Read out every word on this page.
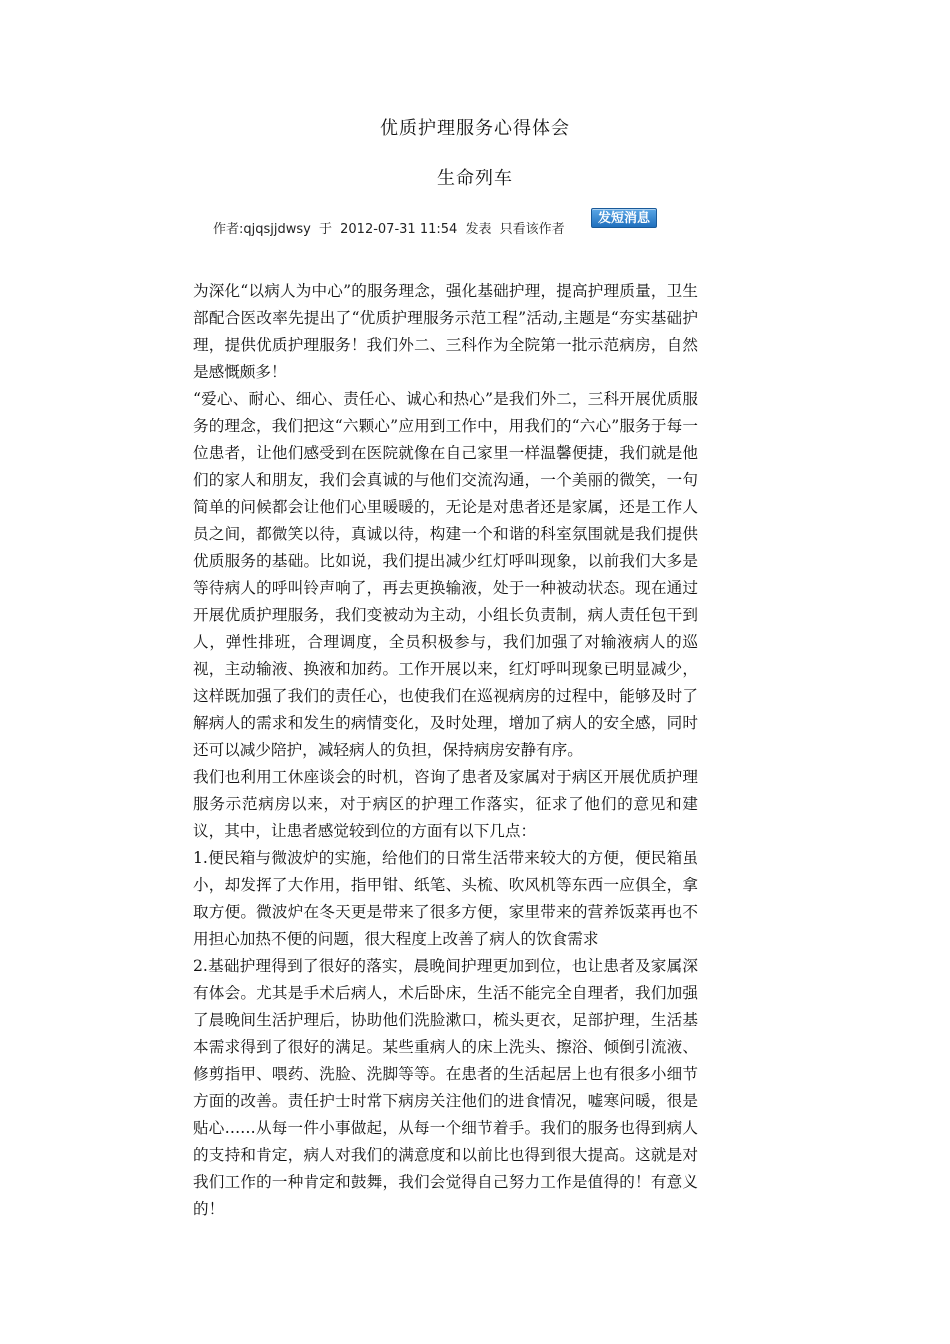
优质护理服务心得体会
生命列车
作者:qjqsjjdwsy 于 2012-07-31 11:54 发表 只看该作者
发短消息

为深化“以病人为中心”的服务理念，强化基础护理，提高护理质量，卫生部配合医改率先提出了“优质护理服务示范工程”活动,主题是“夯实基础护理，提供优质护理服务！我们外二、三科作为全院第一批示范病房，自然是感慨颇多！

“爱心、耐心、细心、责任心、诚心和热心”是我们外二，三科开展优质服务的理念，我们把这“六颗心”应用到工作中，用我们的“六心”服务于每一位患者，让他们感受到在医院就像在自己家里一样温馨便捷，我们就是他们的家人和朋友，我们会真诚的与他们交流沟通，一个美丽的微笑，一句简单的问候都会让他们心里暖暖的，无论是对患者还是家属，还是工作人员之间，都微笑以待，真诚以待，构建一个和谐的科室氛围就是我们提供优质服务的基础。比如说，我们提出减少红灯呼叫现象，以前我们大多是等待病人的呼叫铃声响了，再去更换输液，处于一种被动状态。现在通过开展优质护理服务，我们变被动为主动，小组长负责制，病人责任包干到人，弹性排班，合理调度，全员积极参与，我们加强了对输液病人的巡视，主动输液、换液和加药。工作开展以来，红灯呼叫现象已明显减少，这样既加强了我们的责任心，也使我们在巡视病房的过程中，能够及时了解病人的需求和发生的病情变化，及时处理，增加了病人的安全感，同时还可以减少陪护，减轻病人的负担，保持病房安静有序。

我们也利用工休座谈会的时机，咨询了患者及家属对于病区开展优质护理服务示范病房以来，对于病区的护理工作落实，征求了他们的意见和建议，其中，让患者感觉较到位的方面有以下几点：

1.便民箱与微波炉的实施，给他们的日常生活带来较大的方便，便民箱虽小，却发挥了大作用，指甲钳、纸笔、头梳、吹风机等东西一应俱全，拿取方便。微波炉在冬天更是带来了很多方便，家里带来的营养饭菜再也不用担心加热不便的问题，很大程度上改善了病人的饮食需求

2.基础护理得到了很好的落实，晨晚间护理更加到位，也让患者及家属深有体会。尤其是手术后病人，术后卧床，生活不能完全自理者，我们加强了晨晚间生活护理后，协助他们洗脸漱口，梳头更衣，足部护理，生活基本需求得到了很好的满足。某些重病人的床上洗头、擦浴、倾倒引流液、修剪指甲、喂药、洗脸、洗脚等等。在患者的生活起居上也有很多小细节方面的改善。责任护士时常下病房关注他们的进食情况，嘘寒问暖，很是贴心……从每一件小事做起，从每一个细节着手。我们的服务也得到病人的支持和肯定，病人对我们的满意度和以前比也得到很大提高。这就是对我们工作的一种肯定和鼓舞，我们会觉得自己努力工作是值得的！有意义的！
